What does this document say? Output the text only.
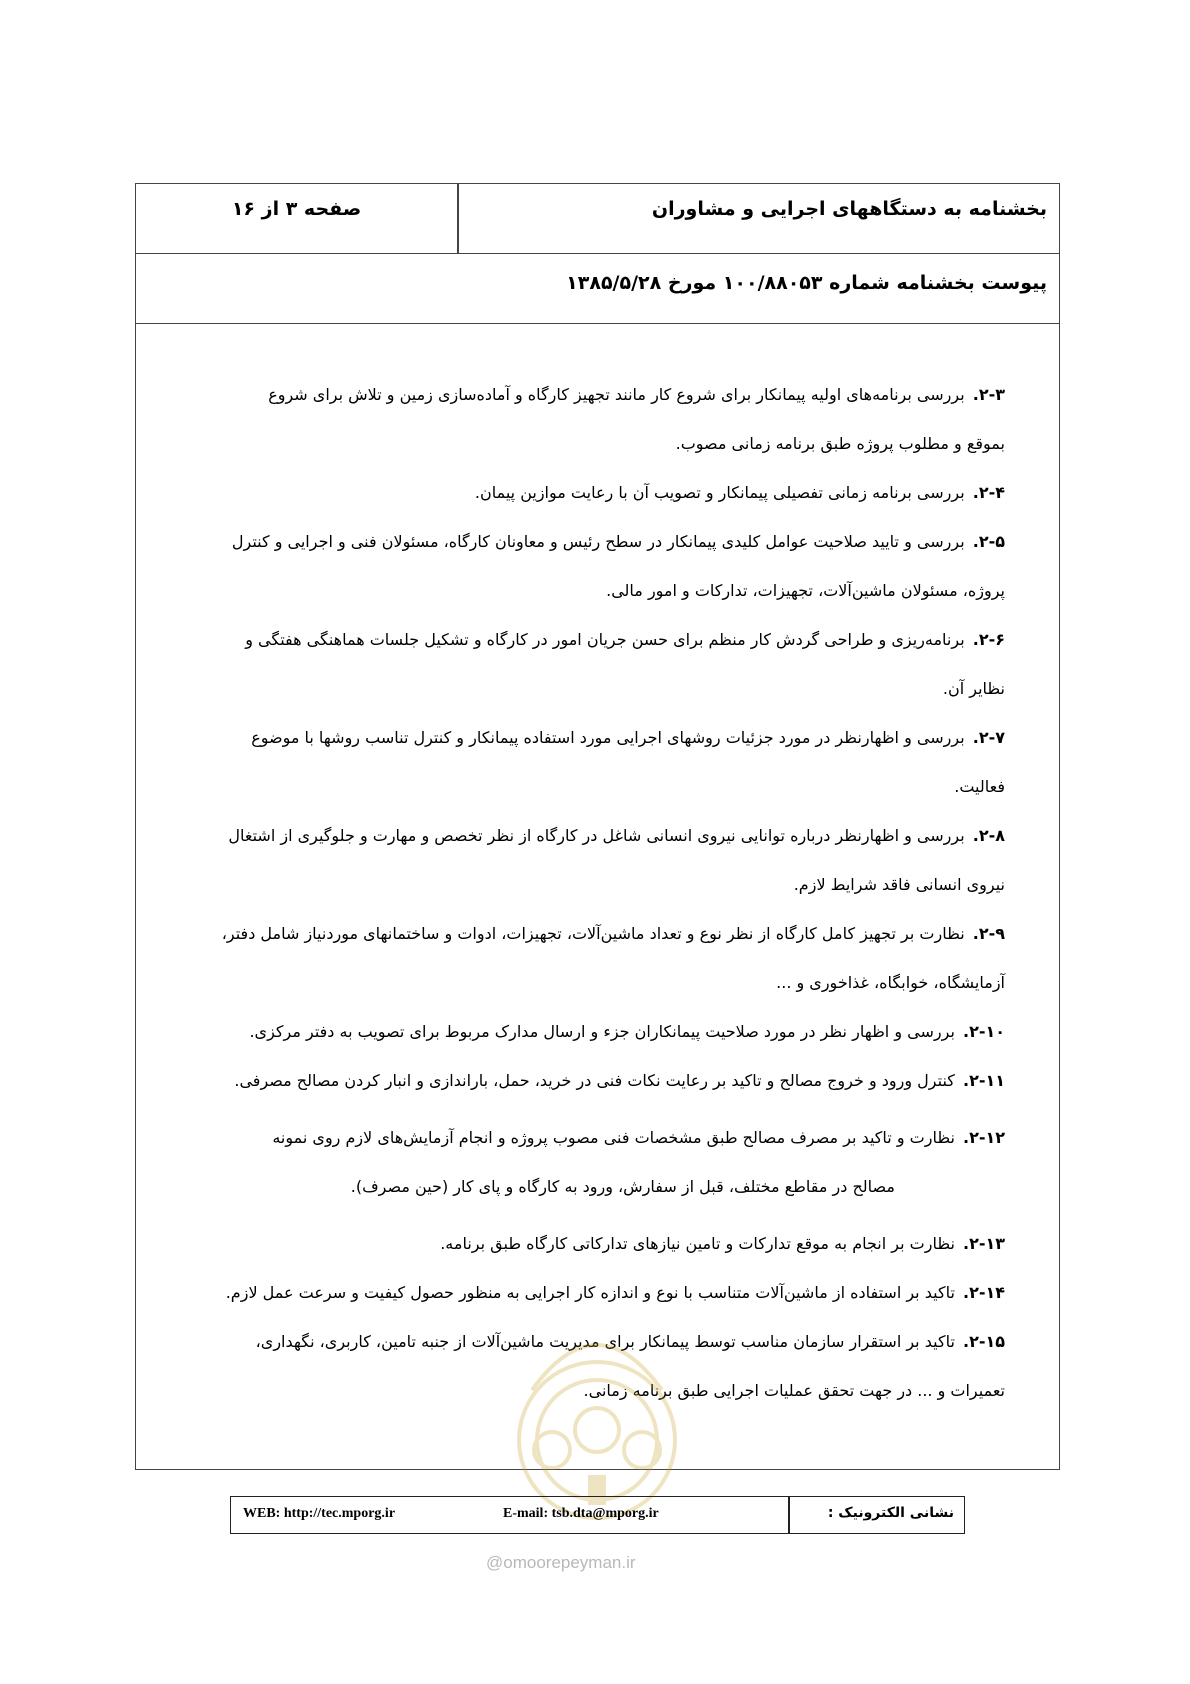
بخشنامه به دستگاههای اجرایی و مشاوران
صفحه ۳ از ۱۶
پیوست بخشنامه شماره ۱۰۰/۸۸۰۵۳ مورخ ۱۳۸۵/۵/۲۸

۲-۳. بررسی برنامه‌های اولیه پیمانکار برای شروع کار مانند تجهیز کارگاه و آماده‌سازی زمین و تلاش برای شروع

بموقع و مطلوب پروژه طبق برنامه زمانی مصوب.

۲-۴. بررسی برنامه زمانی تفصیلی پیمانکار و تصویب آن با رعایت موازین پیمان.

۲-۵. بررسی و تایید صلاحیت عوامل کلیدی پیمانکار در سطح رئیس و معاونان کارگاه، مسئولان فنی و اجرایی و کنترل

پروژه، مسئولان ماشین‌آلات، تجهیزات، تدارکات و امور مالی.

۲-۶. برنامه‌ریزی و طراحی گردش کار منظم برای حسن جریان امور در کارگاه و تشکیل جلسات هماهنگی هفتگی و

نظایر آن.

۲-۷. بررسی و اظهارنظر در مورد جزئیات روشهای اجرایی مورد استفاده پیمانکار و کنترل تناسب روشها با موضوع

فعالیت.

۲-۸. بررسی و اظهارنظر درباره توانایی نیروی انسانی شاغل در کارگاه از نظر تخصص و مهارت و جلوگیری از اشتغال

نیروی انسانی فاقد شرایط لازم.

۲-۹. نظارت بر تجهیز کامل کارگاه از نظر نوع و تعداد ماشین‌آلات، تجهیزات، ادوات و ساختمانهای موردنیاز شامل دفتر،

آزمایشگاه، خوابگاه، غذاخوری و ...

۲-۱۰. بررسی و اظهار نظر در مورد صلاحیت پیمانکاران جزء و ارسال مدارک مربوط برای تصویب به دفتر مرکزی.

۲-۱۱. کنترل ورود و خروج مصالح و تاکید بر رعایت نکات فنی در خرید، حمل، باراندازی و انبار کردن مصالح مصرفی.

۲-۱۲. نظارت و تاکید بر مصرف مصالح طبق مشخصات فنی مصوب پروژه و انجام آزمایش‌های لازم روی نمونه

مصالح در مقاطع مختلف، قبل از سفارش، ورود به کارگاه و پای کار (حین مصرف).

۲-۱۳. نظارت بر انجام به موقع تدارکات و تامین نیازهای تدارکاتی کارگاه طبق برنامه.

۲-۱۴. تاکید بر استفاده از ماشین‌آلات متناسب با نوع و اندازه کار اجرایی به منظور حصول کیفیت و سرعت عمل لازم.

۲-۱۵. تاکید بر استقرار سازمان مناسب توسط پیمانکار برای مدیریت ماشین‌آلات از جنبه تامین، کاربری، نگهداری،

تعمیرات و ... در جهت تحقق عملیات اجرایی طبق برنامه زمانی.

@omoorepeyman.ir
نشانی الکترونیک :
WEB: http://tec.mporg.ir	E-mail: tsb.dta@mporg.ir
